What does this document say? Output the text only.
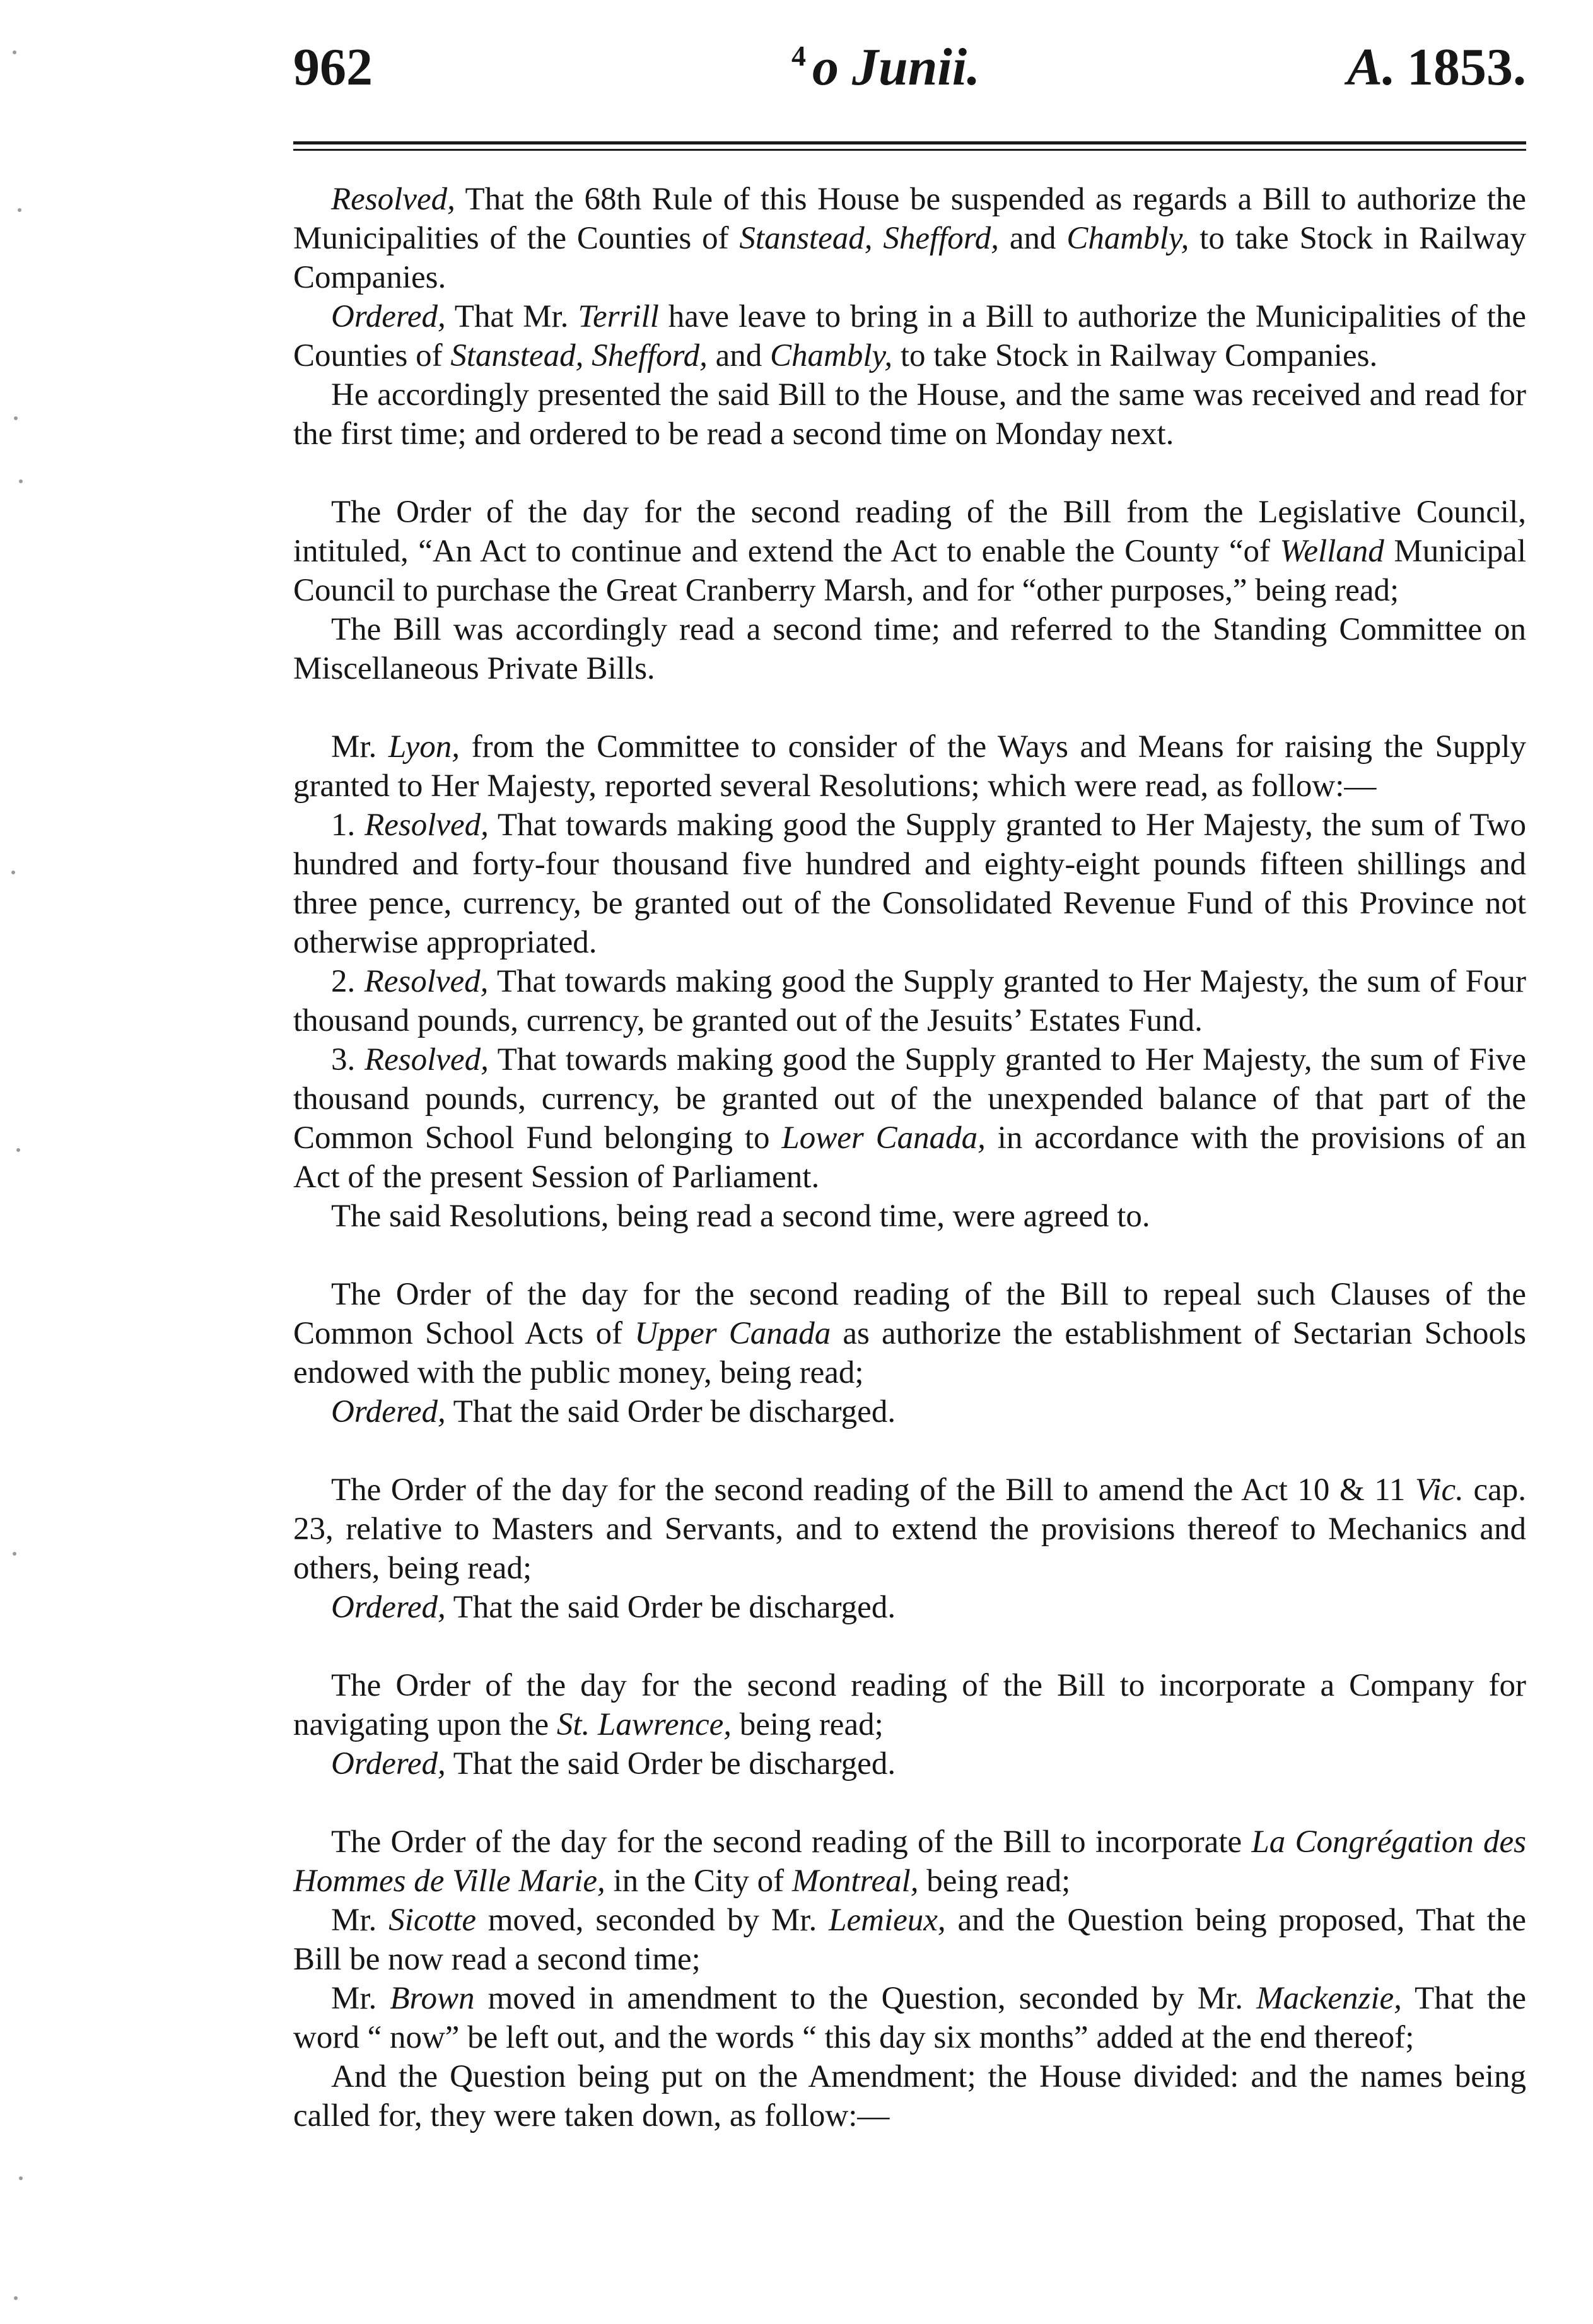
962	$^4$ o Junii.	A. 1853.

Resolved, That the 68th Rule of this House be suspended as regards a Bill to authorize the Municipalities of the Counties of Stanstead, Shefford, and Chambly, to take Stock in Railway Companies.

Ordered, That Mr. Terrill have leave to bring in a Bill to authorize the Municipalities of the Counties of Stanstead, Shefford, and Chambly, to take Stock in Railway Companies.

He accordingly presented the said Bill to the House, and the same was received and read for the first time; and ordered to be read a second time on Monday next.

The Order of the day for the second reading of the Bill from the Legislative Council, intituled, “An Act to continue and extend the Act to enable the County “of Welland Municipal Council to purchase the Great Cranberry Marsh, and for “other purposes,” being read;

The Bill was accordingly read a second time; and referred to the Standing Committee on Miscellaneous Private Bills.

Mr. Lyon, from the Committee to consider of the Ways and Means for raising the Supply granted to Her Majesty, reported several Resolutions; which were read, as follow:—

1. Resolved, That towards making good the Supply granted to Her Majesty, the sum of Two hundred and forty-four thousand five hundred and eighty-eight pounds fifteen shillings and three pence, currency, be granted out of the Consolidated Revenue Fund of this Province not otherwise appropriated.

2. Resolved, That towards making good the Supply granted to Her Majesty, the sum of Four thousand pounds, currency, be granted out of the Jesuits’ Estates Fund.

3. Resolved, That towards making good the Supply granted to Her Majesty, the sum of Five thousand pounds, currency, be granted out of the unexpended balance of that part of the Common School Fund belonging to Lower Canada, in accordance with the provisions of an Act of the present Session of Parliament.

The said Resolutions, being read a second time, were agreed to.

The Order of the day for the second reading of the Bill to repeal such Clauses of the Common School Acts of Upper Canada as authorize the establishment of Sectarian Schools endowed with the public money, being read;

Ordered, That the said Order be discharged.

The Order of the day for the second reading of the Bill to amend the Act 10 & 11 Vic. cap. 23, relative to Masters and Servants, and to extend the provisions thereof to Mechanics and others, being read;

Ordered, That the said Order be discharged.

The Order of the day for the second reading of the Bill to incorporate a Company for navigating upon the St. Lawrence, being read;

Ordered, That the said Order be discharged.

The Order of the day for the second reading of the Bill to incorporate La Congrégation des Hommes de Ville Marie, in the City of Montreal, being read;

Mr. Sicotte moved, seconded by Mr. Lemieux, and the Question being proposed, That the Bill be now read a second time;

Mr. Brown moved in amendment to the Question, seconded by Mr. Mackenzie, That the word “ now” be left out, and the words “ this day six months” added at the end thereof;

And the Question being put on the Amendment; the House divided: and the names being called for, they were taken down, as follow:—
